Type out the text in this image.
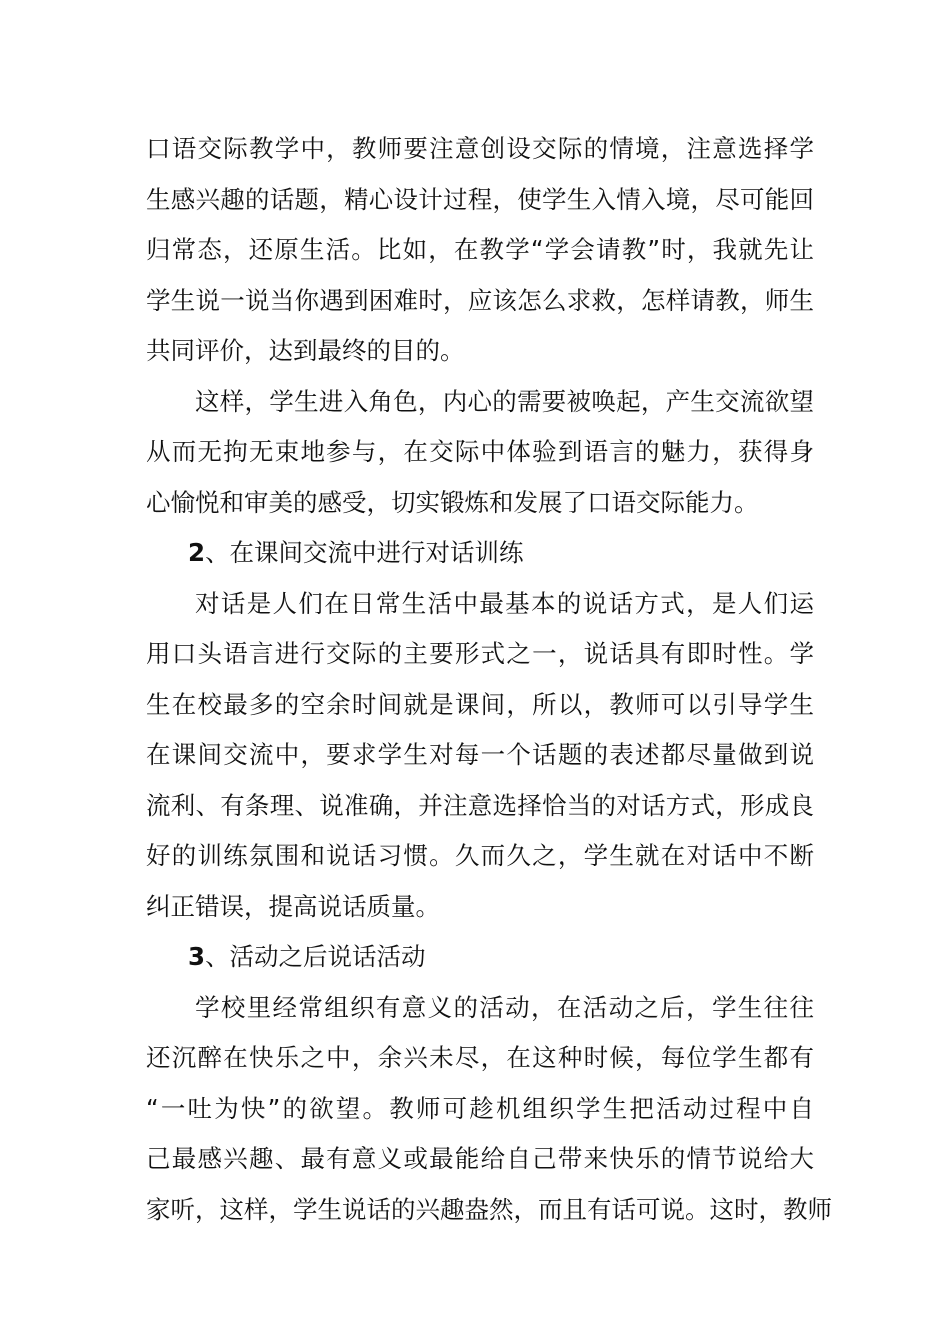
口语交际教学中，教师要注意创设交际的情境，注意选择学
生感兴趣的话题，精心设计过程，使学生入情入境，尽可能回
归常态，还原生活。比如，在教学“学会请教”时，我就先让
学生说一说当你遇到困难时，应该怎么求救，怎样请教，师生
共同评价，达到最终的目的。
这样，学生进入角色，内心的需要被唤起，产生交流欲望
从而无拘无束地参与，在交际中体验到语言的魅力，获得身
心愉悦和审美的感受，切实锻炼和发展了口语交际能力。
2、在课间交流中进行对话训练
对话是人们在日常生活中最基本的说话方式，是人们运
用口头语言进行交际的主要形式之一，说话具有即时性。学
生在校最多的空余时间就是课间，所以，教师可以引导学生
在课间交流中，要求学生对每一个话题的表述都尽量做到说
流利、有条理、说准确，并注意选择恰当的对话方式，形成良
好的训练氛围和说话习惯。久而久之，学生就在对话中不断
纠正错误，提高说话质量。
3、活动之后说话活动
学校里经常组织有意义的活动，在活动之后，学生往往
还沉醉在快乐之中，余兴未尽，在这种时候，每位学生都有
“一吐为快”的欲望。教师可趁机组织学生把活动过程中自
己最感兴趣、最有意义或最能给自己带来快乐的情节说给大
家听，这样，学生说话的兴趣盎然，而且有话可说。这时，教师
